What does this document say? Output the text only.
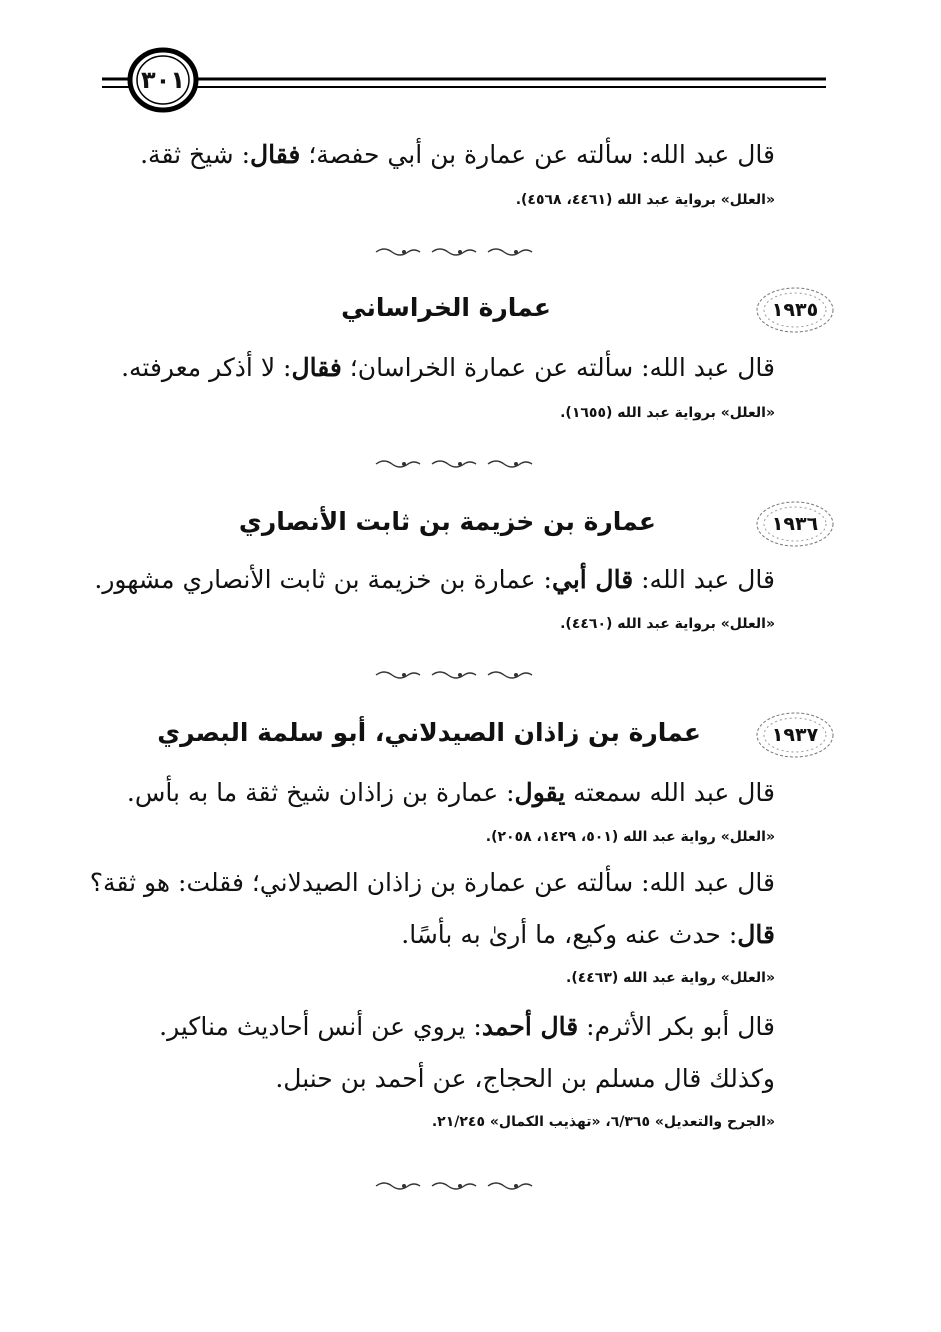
٣٠١
قال عبد الله: سألته عن عمارة بن أبي حفصة؛ فقال: شيخ ثقة.
«العلل» برواية عبد الله (٤٤٦١، ٤٥٦٨).
١٩٣٥
عمارة الخراساني
قال عبد الله: سألته عن عمارة الخراسان؛ فقال: لا أذكر معرفته.
«العلل» برواية عبد الله (١٦٥٥).
١٩٣٦
عمارة بن خزيمة بن ثابت الأنصاري
قال عبد الله: قال أبي: عمارة بن خزيمة بن ثابت الأنصاري مشهور.
«العلل» برواية عبد الله (٤٤٦٠).
١٩٣٧
عمارة بن زاذان الصيدلاني، أبو سلمة البصري
قال عبد الله سمعته يقول: عمارة بن زاذان شيخ ثقة ما به بأس.
«العلل» رواية عبد الله (٥٠١، ١٤٢٩، ٢٠٥٨).
قال عبد الله: سألته عن عمارة بن زاذان الصيدلاني؛ فقلت: هو ثقة؟
قال: حدث عنه وكيع، ما أرىٰ به بأسًا.
«العلل» رواية عبد الله (٤٤٦٣).
قال أبو بكر الأثرم: قال أحمد: يروي عن أنس أحاديث مناكير.
وكذلك قال مسلم بن الحجاج، عن أحمد بن حنبل.
«الجرح والتعديل» ٦/٣٦٥، «تهذيب الكمال» ٢١/٢٤٥.
